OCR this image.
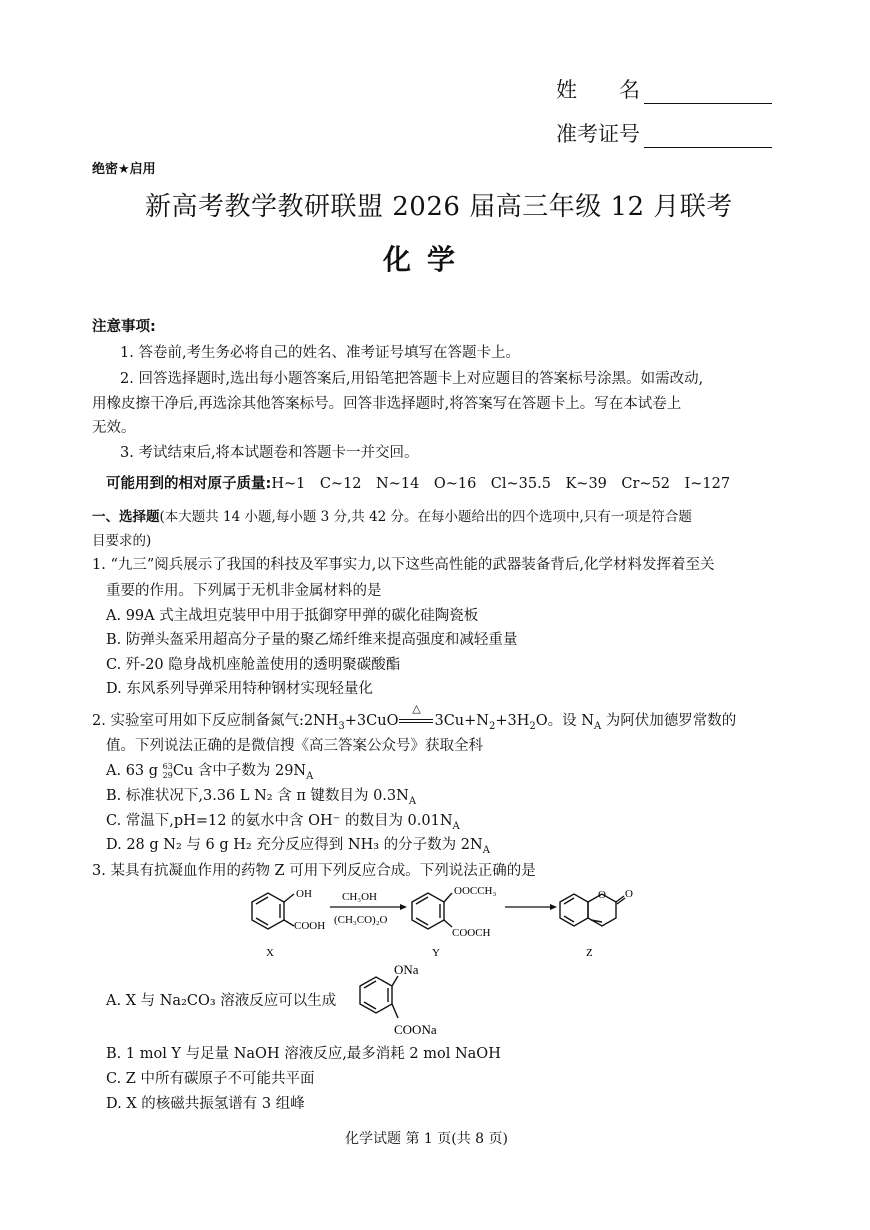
姓　　名
准考证号
绝密★启用
新高考教学教研联盟 2026 届高三年级 12 月联考
化学
注意事项:
1. 答卷前,考生务必将自己的姓名、准考证号填写在答题卡上。
2. 回答选择题时,选出每小题答案后,用铅笔把答题卡上对应题目的答案标号涂黑。如需改动,
用橡皮擦干净后,再选涂其他答案标号。回答非选择题时,将答案写在答题卡上。写在本试卷上
无效。
3. 考试结束后,将本试题卷和答题卡一并交回。
可能用到的相对原子质量:H~1　C~12　N~14　O~16　Cl~35.5　K~39　Cr~52　I~127
一、选择题(本大题共 14 小题,每小题 3 分,共 42 分。在每小题给出的四个选项中,只有一项是符合题
目要求的)
1. “九三”阅兵展示了我国的科技及军事实力,以下这些高性能的武器装备背后,化学材料发挥着至关
重要的作用。下列属于无机非金属材料的是
A. 99A 式主战坦克装甲中用于抵御穿甲弹的碳化硅陶瓷板
B. 防弹头盔采用超高分子量的聚乙烯纤维来提高强度和减轻重量
C. 歼-20 隐身战机座舱盖使用的透明聚碳酸酯
D. 东风系列导弹采用特种钢材实现轻量化
2. 实验室可用如下反应制备氮气$:2NH_3+3CuO$
△
$3Cu+N_2+3H_2O$。设 $N_A$ 为阿伏加德罗常数的
值。下列说法正确的是微信搜《高三答案公众号》获取全科
A. 63 g 63
29Cu 含中子数为 $29N_A$
B. 标准状况下,3.36 L N₂ 含 π 键数目为 $0.3N_A$
C. 常温下,pH=12 的氨水中含 OH⁻ 的数目为 $0.01N_A$
D. 28 g N₂ 与 6 g H₂ 充分反应得到 NH₃ 的分子数为 $2N_A$
3. 某具有抗凝血作用的药物 Z 可用下列反应合成。下列说法正确的是
OH
COOH
CH₃OH
(CH₃CO)₂O
OOCCH₃
COOCH
O O
X	Y	Z
A. X 与 Na₂CO₃ 溶液反应可以生成
ONa
COONa
B. 1 mol Y 与足量 NaOH 溶液反应,最多消耗 2 mol NaOH
C. Z 中所有碳原子不可能共平面
D. X 的核磁共振氢谱有 3 组峰
化学试题 第 1 页(共 8 页)
